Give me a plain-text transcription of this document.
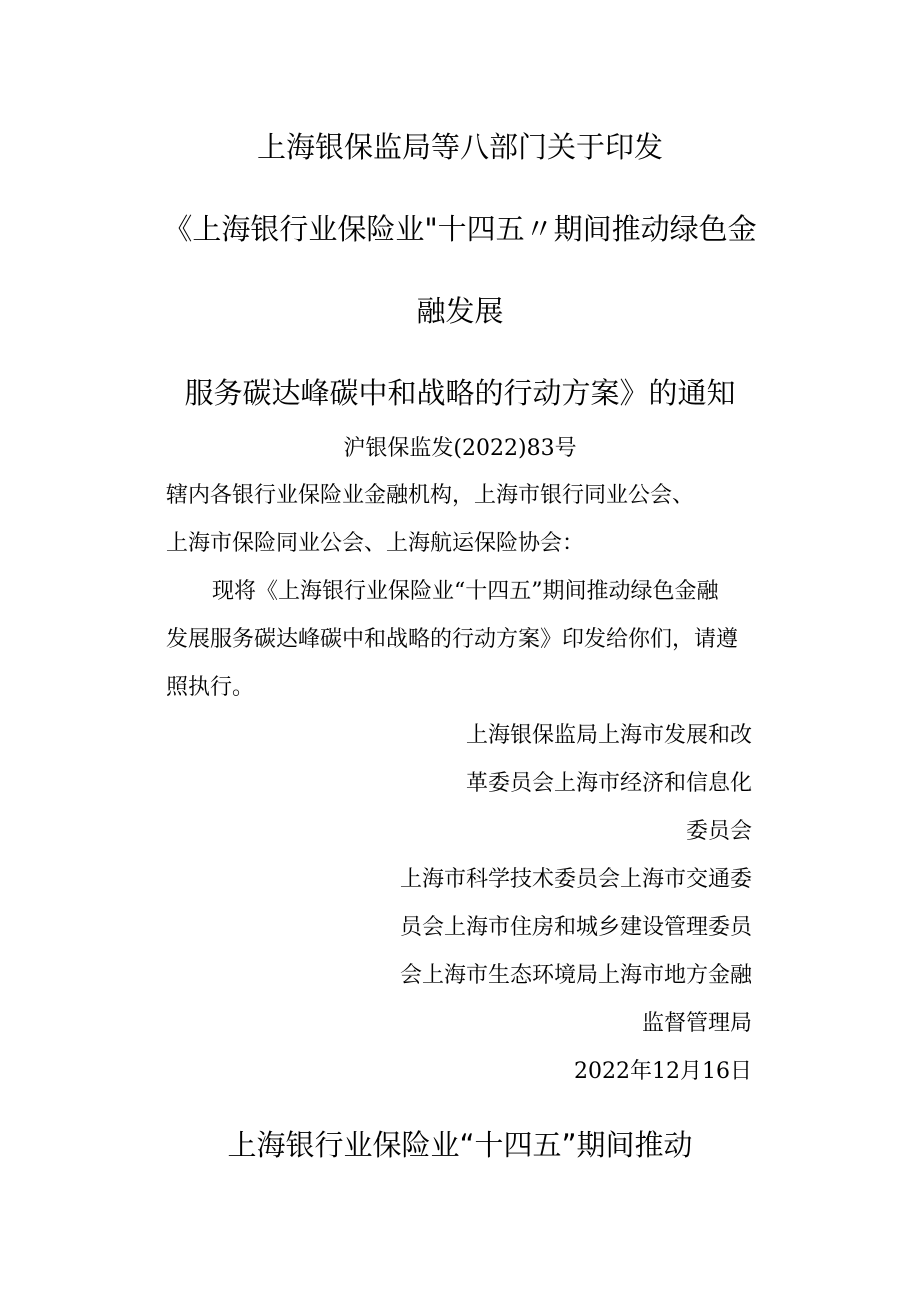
上海银保监局等八部门关于印发
《上海银行业保险业"十四五〃期间推动绿色金
融发展
服务碳达峰碳中和战略的行动方案》的通知
沪银保监发(2022)83号
辖内各银行业保险业金融机构，上海市银行同业公会、
上海市保险同业公会、上海航运保险协会：
现将《上海银行业保险业“十四五”期间推动绿色金融
发展服务碳达峰碳中和战略的行动方案》印发给你们，请遵
照执行。
上海银保监局上海市发展和改
革委员会上海市经济和信息化
委员会
上海市科学技术委员会上海市交通委
员会上海市住房和城乡建设管理委员
会上海市生态环境局上海市地方金融
监督管理局
2022年12月16日
上海银行业保险业“十四五”期间推动
